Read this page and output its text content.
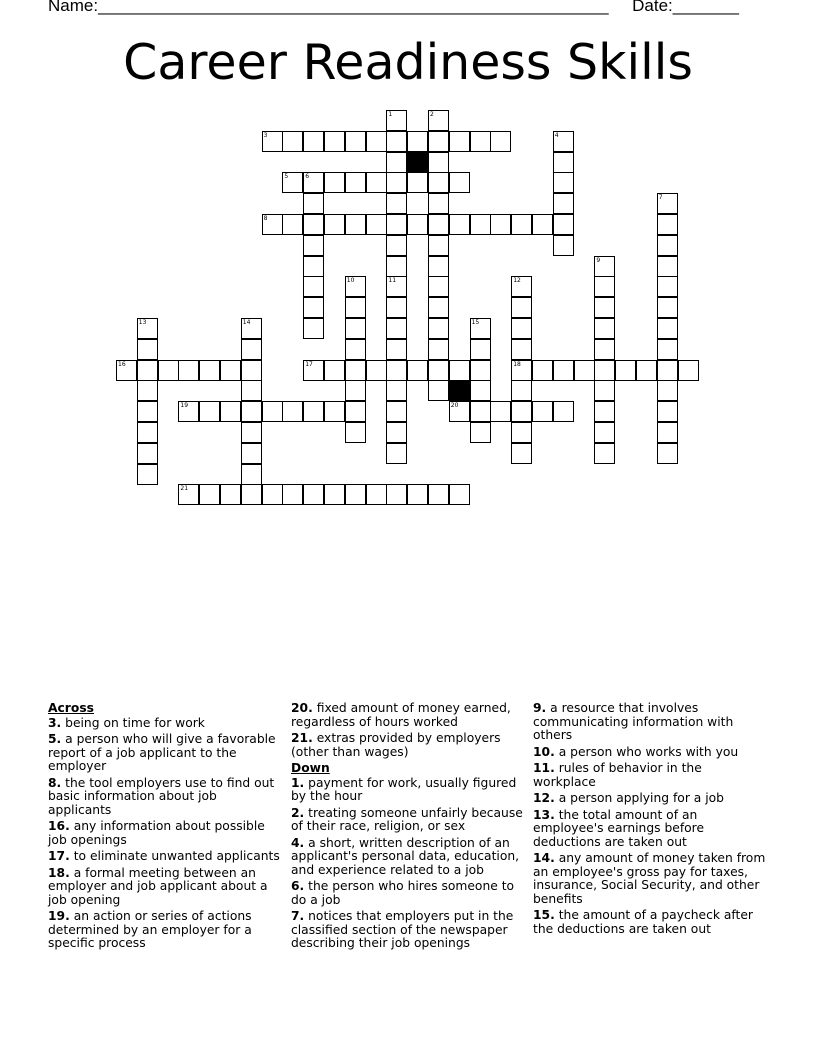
Name:______________________________________________________ Date:_______
Career Readiness Skills
1
11
2
3	4
5	6
7
8
9
10	12
18
13	14	15
16	17
19	20
21
Across
3. being on time for work
5. a person who will give a favorable report of a job applicant to the employer
8. the tool employers use to find out basic information about job applicants
16. any information about possible job openings
17. to eliminate unwanted applicants
18. a formal meeting between an employer and job applicant about a job opening
19. an action or series of actions determined by an employer for a specific process
20. fixed amount of money earned, regardless of hours worked
21. extras provided by employers (other than wages)
Down
1. payment for work, usually figured by the hour
2. treating someone unfairly because of their race, religion, or sex
4. a short, written description of an applicant's personal data, education, and experience related to a job
6. the person who hires someone to do a job
7. notices that employers put in the classified section of the newspaper describing their job openings
9. a resource that involves communicating information with others
10. a person who works with you
11. rules of behavior in the workplace
12. a person applying for a job
13. the total amount of an employee's earnings before deductions are taken out
14. any amount of money taken from an employee's gross pay for taxes, insurance, Social Security, and other benefits
15. the amount of a paycheck after the deductions are taken out
